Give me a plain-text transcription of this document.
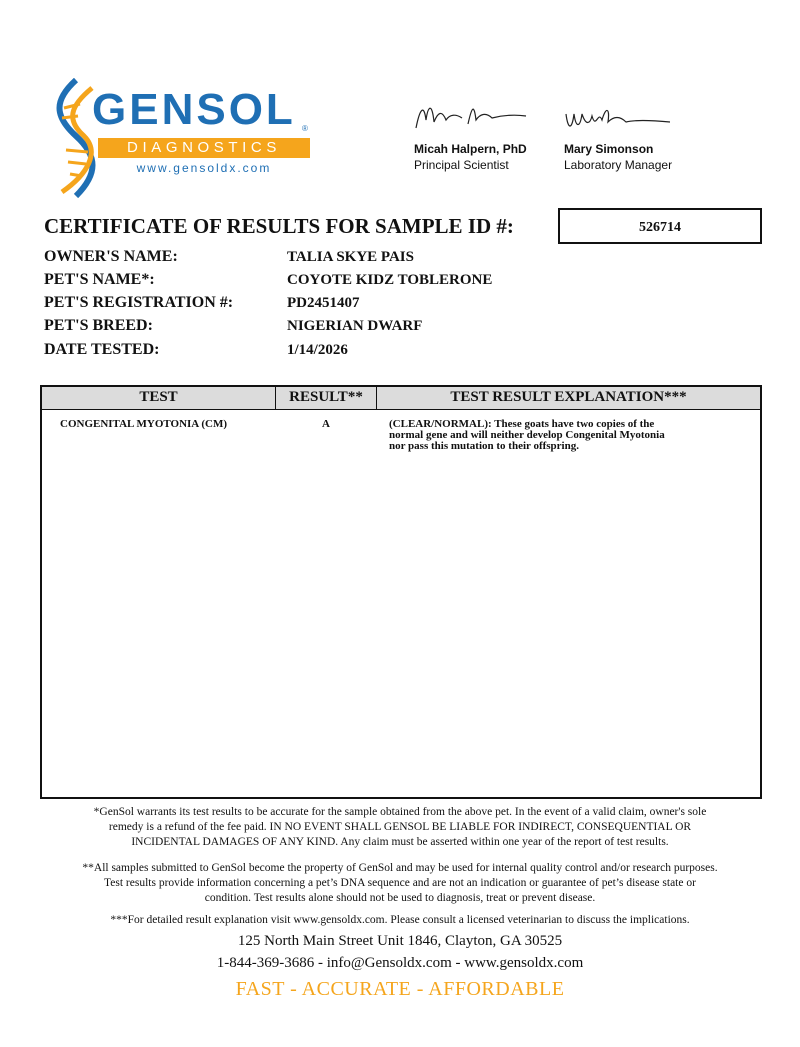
GENSOL ®
DIAGNOSTICS
www.gensoldx.com
Micah Halpern, PhD
Principal Scientist
Mary Simonson
Laboratory Manager
CERTIFICATE OF RESULTS FOR SAMPLE ID #:	526714
OWNER'S NAME:	TALIA SKYE PAIS
PET'S NAME*:	COYOTE KIDZ TOBLERONE
PET'S REGISTRATION #:	PD2451407
PET'S BREED:	NIGERIAN DWARF
DATE TESTED:	1/14/2026
TEST	RESULT**	TEST RESULT EXPLANATION***
CONGENITAL MYOTONIA (CM)	A	(CLEAR/NORMAL): These goats have two copies of the
normal gene and will neither develop Congenital Myotonia
nor pass this mutation to their offspring.
*GenSol warrants its test results to be accurate for the sample obtained from the above pet. In the event of a valid claim, owner's sole
remedy is a refund of the fee paid. IN NO EVENT SHALL GENSOL BE LIABLE FOR INDIRECT, CONSEQUENTIAL OR
INCIDENTAL DAMAGES OF ANY KIND. Any claim must be asserted within one year of the report of test results.
**All samples submitted to GenSol become the property of GenSol and may be used for internal quality control and/or research purposes.
Test results provide information concerning a pet’s DNA sequence and are not an indication or guarantee of pet’s disease state or
condition. Test results alone should not be used to diagnosis, treat or prevent disease.
***For detailed result explanation visit www.gensoldx.com. Please consult a licensed veterinarian to discuss the implications.
125 North Main Street Unit 1846, Clayton, GA 30525
1-844-369-3686 - info@Gensoldx.com - www.gensoldx.com
FAST - ACCURATE - AFFORDABLE
